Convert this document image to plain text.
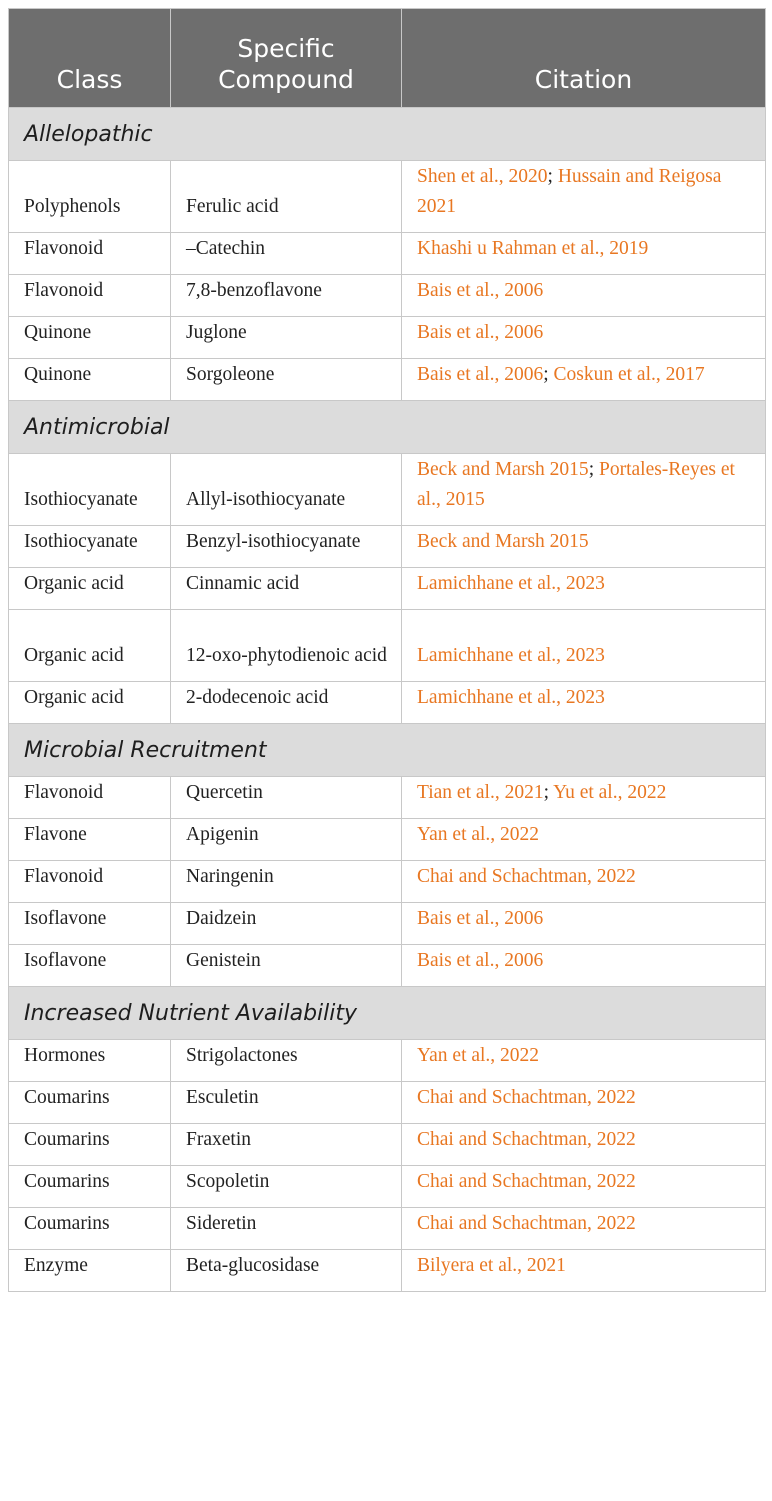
Class	Specific Compound	Citation
Allelopathic		
Polyphenols	Ferulic acid	Shen et al., 2020; Hussain and Reigosa 2021
Flavonoid	–Catechin	Khashi u Rahman et al., 2019
Flavonoid	7,8-benzoflavone	Bais et al., 2006
Quinone	Juglone	Bais et al., 2006
Quinone	Sorgoleone	Bais et al., 2006; Coskun et al., 2017
Antimicrobial		
Isothiocyanate	Allyl-isothiocyanate	Beck and Marsh 2015; Portales-Reyes et al., 2015
Isothiocyanate	Benzyl-isothiocyanate	Beck and Marsh 2015
Organic acid	Cinnamic acid	Lamichhane et al., 2023
Organic acid	12-oxo-phytodienoic acid	Lamichhane et al., 2023
Organic acid	2-dodecenoic acid	Lamichhane et al., 2023
Microbial Recruitment		
Flavonoid	Quercetin	Tian et al., 2021; Yu et al., 2022
Flavone	Apigenin	Yan et al., 2022
Flavonoid	Naringenin	Chai and Schachtman, 2022
Isoflavone	Daidzein	Bais et al., 2006
Isoflavone	Genistein	Bais et al., 2006
Increased Nutrient Availability		
Hormones	Strigolactones	Yan et al., 2022
Coumarins	Esculetin	Chai and Schachtman, 2022
Coumarins	Fraxetin	Chai and Schachtman, 2022
Coumarins	Scopoletin	Chai and Schachtman, 2022
Coumarins	Sideretin	Chai and Schachtman, 2022
Enzyme	Beta-glucosidase	Bilyera et al., 2021
